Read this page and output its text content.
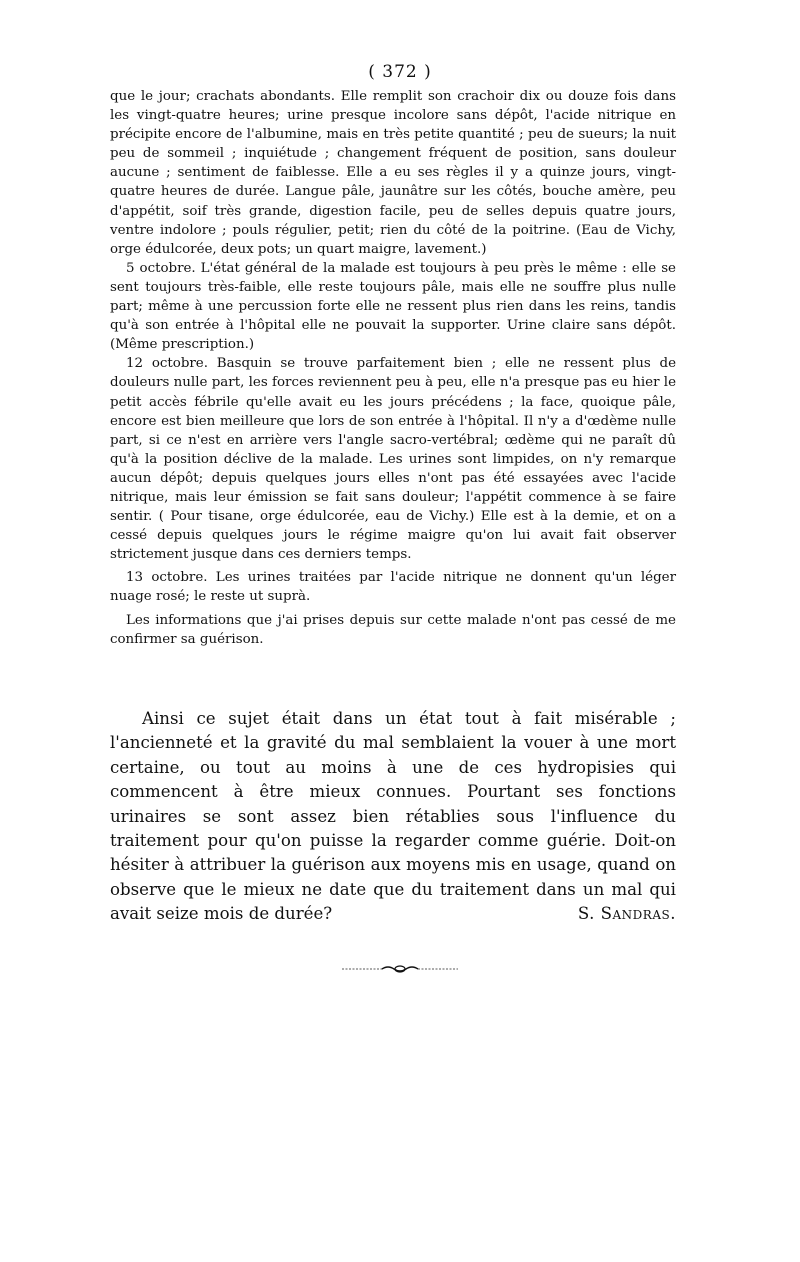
( 372 )

que le jour; crachats abondants. Elle remplit son crachoir dix ou douze fois dans les vingt-quatre heures; urine presque incolore sans dépôt, l'acide nitrique en précipite encore de l'albumine, mais en très petite quantité ; peu de sueurs; la nuit peu de sommeil ; inquiétude ; changement fréquent de position, sans douleur aucune ; sentiment de faiblesse. Elle a eu ses règles il y a quinze jours, vingt-quatre heures de durée. Langue pâle, jaunâtre sur les côtés, bouche amère, peu d'appétit, soif très grande, digestion facile, peu de selles depuis quatre jours, ventre indolore ; pouls régulier, petit; rien du côté de la poitrine. (Eau de Vichy, orge édulcorée, deux pots; un quart maigre, lavement.)

5 octobre. L'état général de la malade est toujours à peu près le même : elle se sent toujours très-faible, elle reste toujours pâle, mais elle ne souffre plus nulle part; même à une percussion forte elle ne ressent plus rien dans les reins, tandis qu'à son entrée à l'hôpital elle ne pouvait la supporter. Urine claire sans dépôt. (Même prescription.)

12 octobre. Basquin se trouve parfaitement bien ; elle ne ressent plus de douleurs nulle part, les forces reviennent peu à peu, elle n'a presque pas eu hier le petit accès fébrile qu'elle avait eu les jours précédens ; la face, quoique pâle, encore est bien meilleure que lors de son entrée à l'hôpital. Il n'y a d'œdème nulle part, si ce n'est en arrière vers l'angle sacro-vertébral; œdème qui ne paraît dû qu'à la position déclive de la malade. Les urines sont limpides, on n'y remarque aucun dépôt; depuis quelques jours elles n'ont pas été essayées avec l'acide nitrique, mais leur émission se fait sans douleur; l'appétit commence à se faire sentir. ( Pour tisane, orge édulcorée, eau de Vichy.) Elle est à la demie, et on a cessé depuis quelques jours le régime maigre qu'on lui avait fait observer strictement jusque dans ces derniers temps.

13 octobre. Les urines traitées par l'acide nitrique ne donnent qu'un léger nuage rosé; le reste ut suprà.

Les informations que j'ai prises depuis sur cette malade n'ont pas cessé de me confirmer sa guérison.

Ainsi ce sujet était dans un état tout à fait misérable ; l'ancienneté et la gravité du mal semblaient la vouer à une mort certaine, ou tout au moins à une de ces hydropisies qui commencent à être mieux connues. Pourtant ses fonctions urinaires se sont assez bien rétablies sous l'influence du traitement pour qu'on puisse la regarder comme guérie. Doit-on hésiter à attribuer la guérison aux moyens mis en usage, quand on observe que le mieux ne date que du traitement dans un mal qui avait seize mois de durée?	S. Sandras.
